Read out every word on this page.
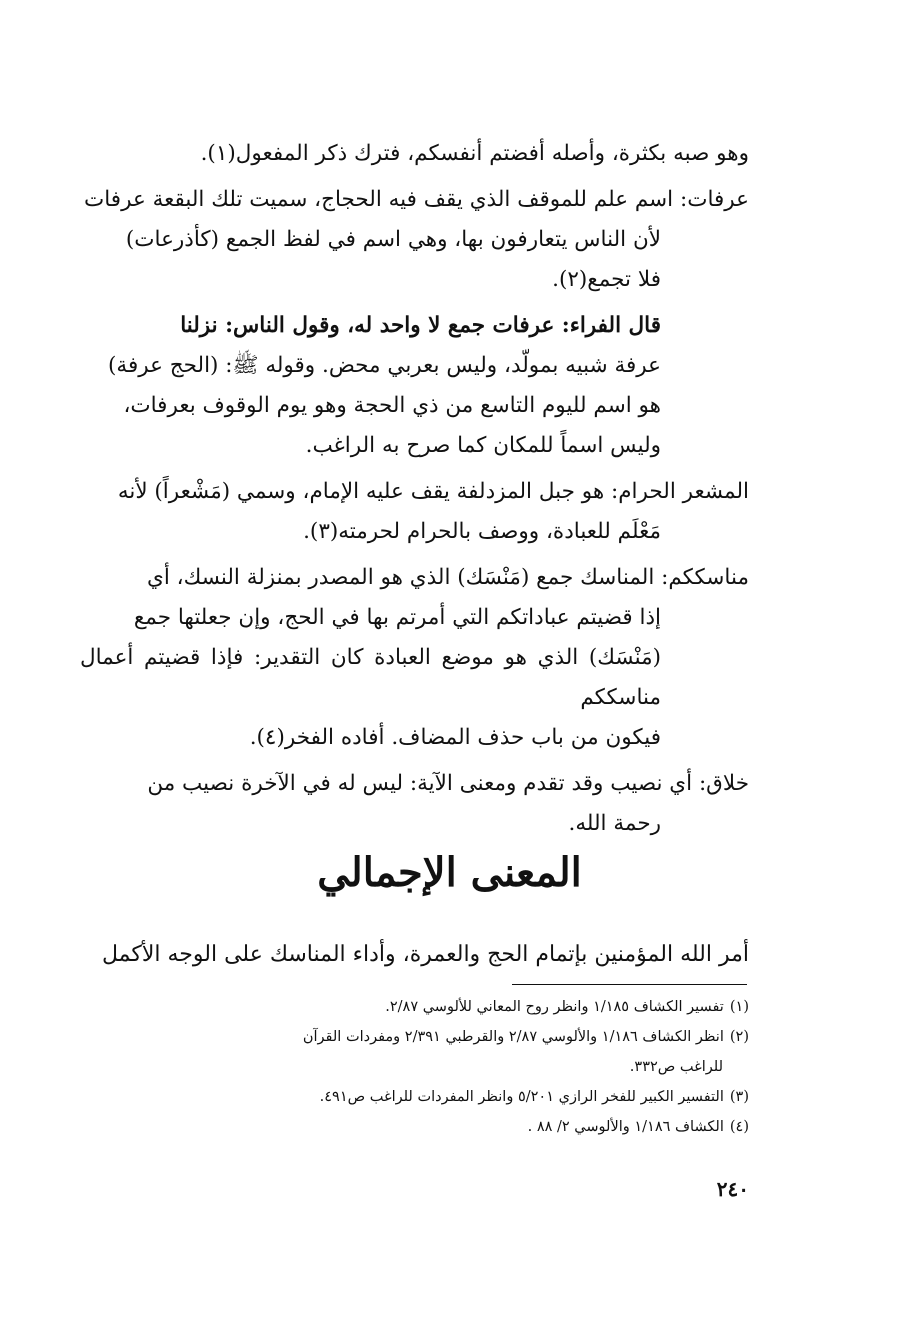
وهو صبه بكثرة، وأصله أفضتم أنفسكم، فترك ذكر المفعول(١).

عرفات: اسم علم للموقف الذي يقف فيه الحجاج، سميت تلك البقعة عرفات
لأن الناس يتعارفون بها، وهي اسم في لفظ الجمع (كأذرعات)
فلا تجمع(٢).
قال الفراء: عرفات جمع لا واحد له، وقول الناس: نزلنا
عرفة شبيه بمولّد، وليس بعربي محض. وقوله ﷺ: (الحج عرفة)
هو اسم لليوم التاسع من ذي الحجة وهو يوم الوقوف بعرفات،
وليس اسماً للمكان كما صرح به الراغب.
المشعر الحرام: هو جبل المزدلفة يقف عليه الإمام، وسمي (مَشْعراً) لأنه
مَعْلَم للعبادة، ووصف بالحرام لحرمته(٣).
مناسككم: المناسك جمع (مَنْسَك) الذي هو المصدر بمنزلة النسك، أي
إذا قضيتم عباداتكم التي أمرتم بها في الحج، وإن جعلتها جمع
(مَنْسَك) الذي هو موضع العبادة كان التقدير: فإذا قضيتم أعمال مناسككم
فيكون من باب حذف المضاف. أفاده الفخر(٤).
خلاق: أي نصيب وقد تقدم ومعنى الآية: ليس له في الآخرة نصيب من
رحمة الله.
المعنى الإجمالي
أمر الله المؤمنين بإتمام الحج والعمرة، وأداء المناسك على الوجه الأكمل
(١)تفسير الكشاف ١/١٨٥ وانظر روح المعاني للألوسي ٢/٨٧.
(٢)انظر الكشاف ١/١٨٦ والألوسي ٢/٨٧ والقرطبي ٢/٣٩١ ومفردات القرآن
للراغب ص٣٣٢.
(٣)التفسير الكبير للفخر الرازي ٥/٢٠١ وانظر المفردات للراغب ص٤٩١.
(٤)الكشاف ١/١٨٦ والألوسي ٢/ ٨٨ .
٢٤٠
